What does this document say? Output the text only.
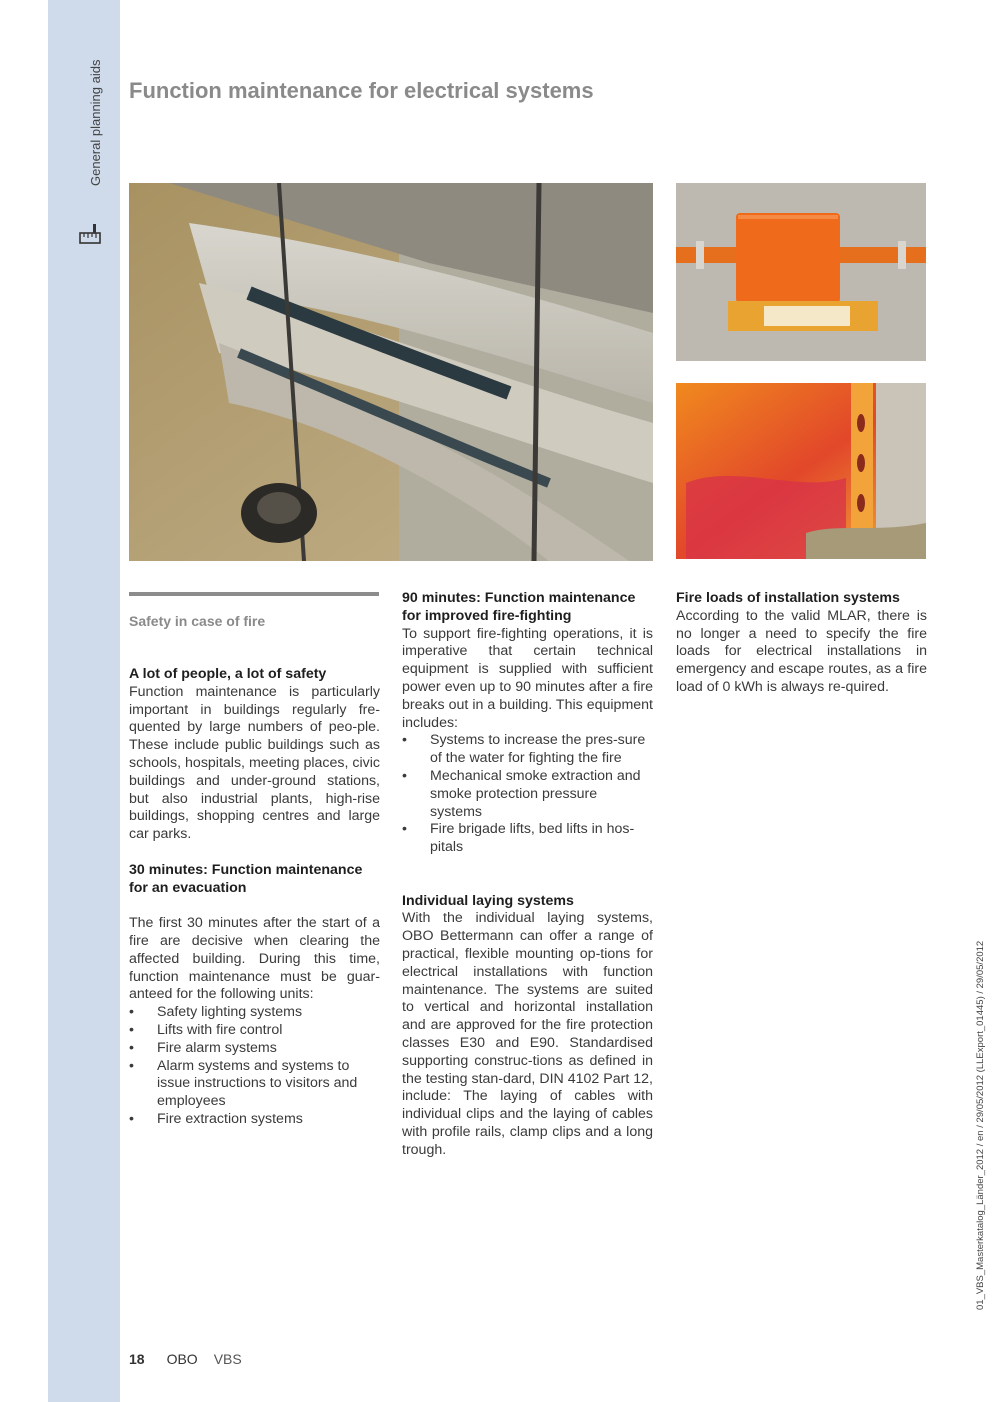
General planning aids Function maintenance for electrical systems
Safety in case of fire
A lot of people, a lot of safety

Function maintenance is particularly important in buildings regularly fre-quented by large numbers of peo-ple. These include public buildings such as schools, hospitals, meeting places, civic buildings and under-ground stations, but also industrial plants, high-rise buildings, shopping centres and large car parks.

30 minutes: Function maintenance for an evacuation

The first 30 minutes after the start of a fire are decisive when clearing the affected building. During this time, function maintenance must be guar-anteed for the following units:

• Safety lighting systems
• Lifts with fire control
• Fire alarm systems
• Alarm systems and systems to issue instructions to visitors and employees
• Fire extraction systems
90 minutes: Function maintenance for improved fire-fighting

To support fire-fighting operations, it is imperative that certain technical equipment is supplied with sufficient power even up to 90 minutes after a fire breaks out in a building. This equipment includes:

• Systems to increase the pres-sure of the water for fighting the fire
• Mechanical smoke extraction and smoke protection pressure systems
• Fire brigade lifts, bed lifts in hos-pitals
Individual laying systems

With the individual laying systems, OBO Bettermann can offer a range of practical, flexible mounting op-tions for electrical installations with function maintenance. The systems are suited to vertical and horizontal installation and are approved for the fire protection classes E30 and E90. Standardised supporting construc-tions as defined in the testing stan-dard, DIN 4102 Part 12, include: The laying of cables with individual clips and the laying of cables with profile rails, clamp clips and a long trough.

Fire loads of installation systems

According to the valid MLAR, there is no longer a need to specify the fire loads for electrical installations in emergency and escape routes, as a fire load of 0 kWh is always re-quired.

18 OBO VBS
01_VBS_Masterkatalog_Länder_2012 / en / 29/05/2012 (LLExport_01445) / 29/05/2012
